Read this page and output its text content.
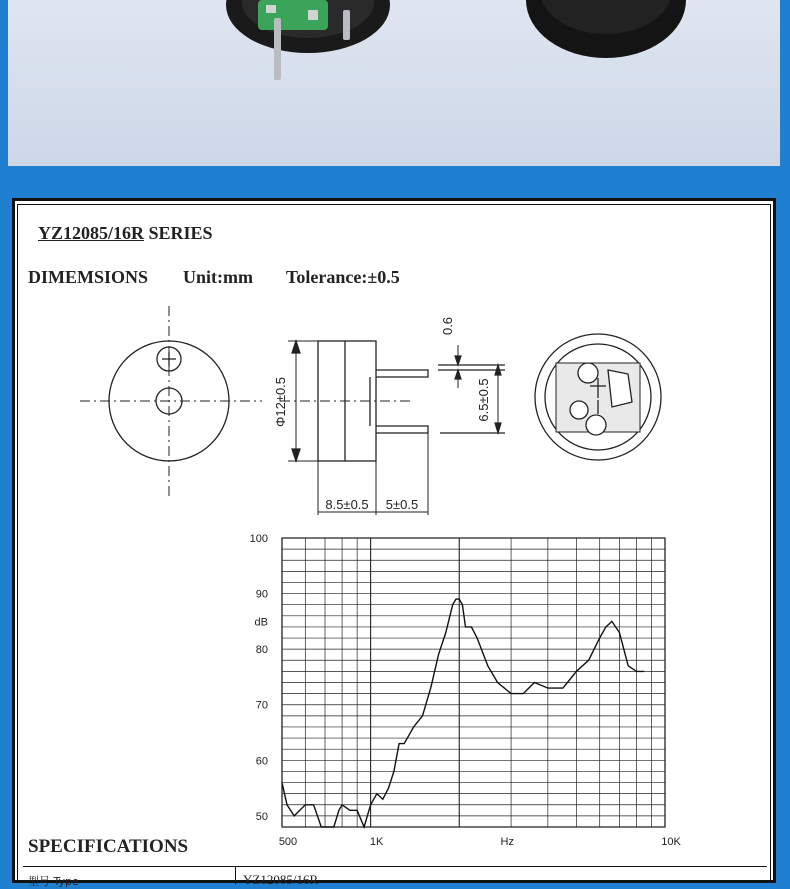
YZ12085/16R SERIES
DIMEMSIONS Unit:mm Tolerance:±0.5
Φ12±0.5
0.6
6.5±0.5
8.5±0.5 5±0.5
100
90
80
70
60
50
dB
500	1K	10K
Hz
SPECIFICATIONS
型号 Type	YZ12085/16R
